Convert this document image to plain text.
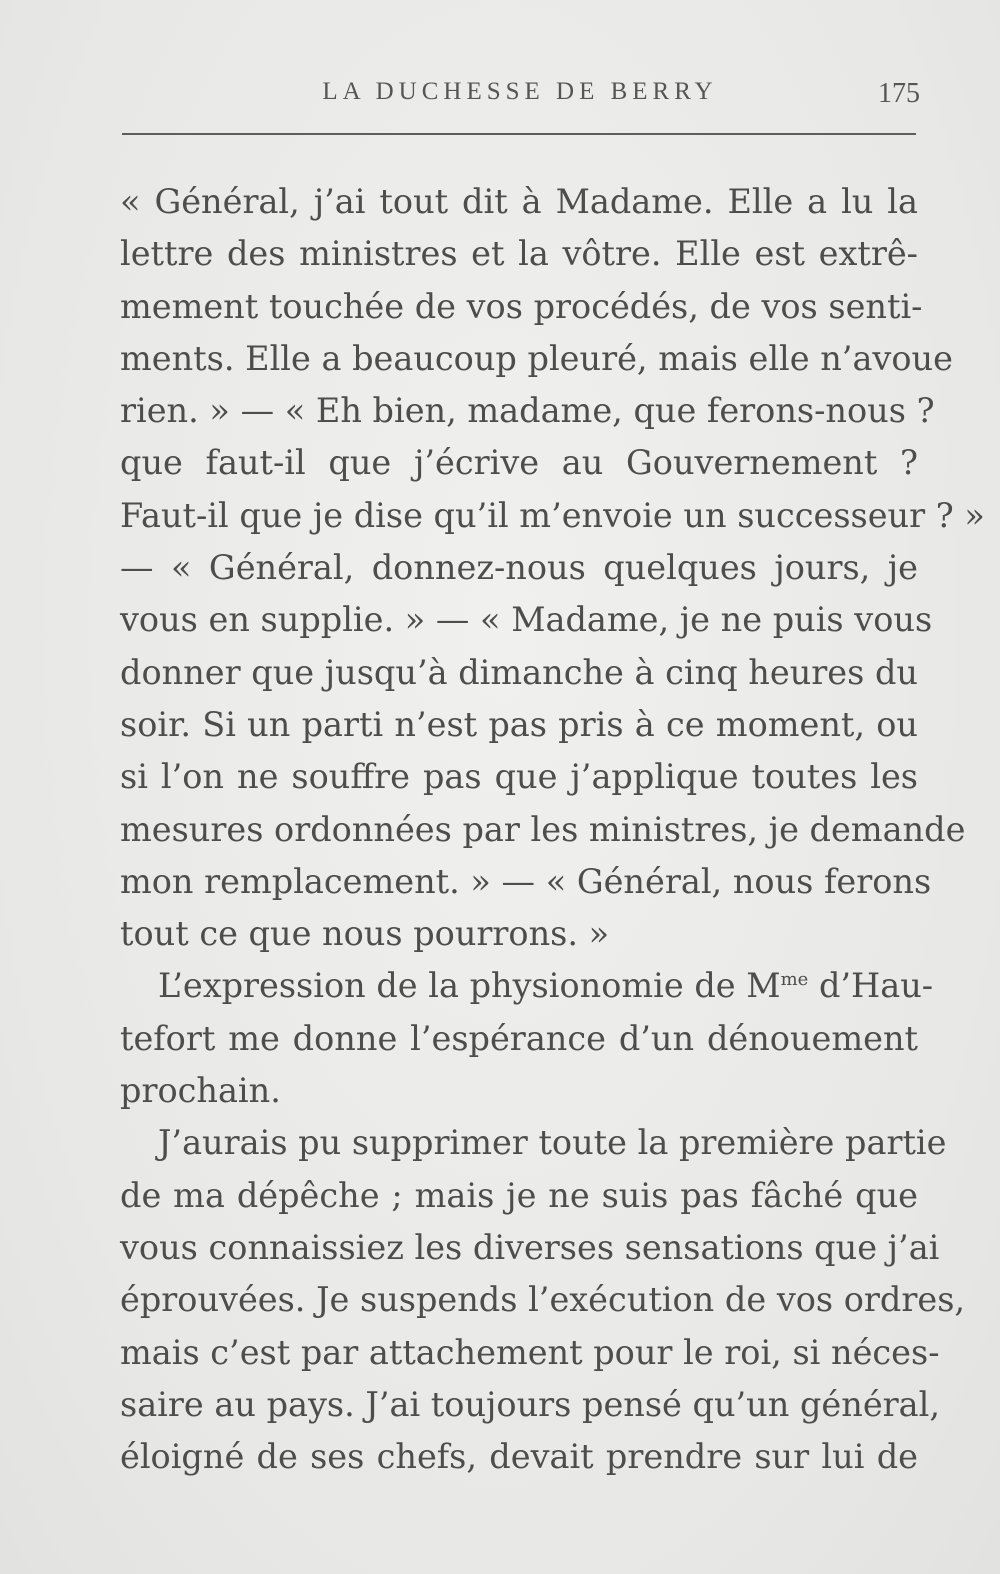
LA DUCHESSE DE BERRY	175
« Général, j’ai tout dit à Madame. Elle a lu la
lettre des ministres et la vôtre. Elle est extrê-
mement touchée de vos procédés, de vos senti-
ments. Elle a beaucoup pleuré, mais elle n’avoue
rien. » — « Eh bien, madame, que ferons-nous ?
que faut-il que j’écrive au Gouvernement ?
Faut-il que je dise qu’il m’envoie un successeur ? »
— « Général, donnez-nous quelques jours, je
vous en supplie. » — « Madame, je ne puis vous
donner que jusqu’à dimanche à cinq heures du
soir. Si un parti n’est pas pris à ce moment, ou
si l’on ne souffre pas que j’applique toutes les
mesures ordonnées par les ministres, je demande
mon remplacement. » — « Général, nous ferons
tout ce que nous pourrons. »
L’expression de la physionomie de $M^{me}$ d’Hau-
tefort me donne l’espérance d’un dénouement
prochain.
J’aurais pu supprimer toute la première partie
de ma dépêche ; mais je ne suis pas fâché que
vous connaissiez les diverses sensations que j’ai
éprouvées. Je suspends l’exécution de vos ordres,
mais c’est par attachement pour le roi, si néces-
saire au pays. J’ai toujours pensé qu’un général,
éloigné de ses chefs, devait prendre sur lui de
